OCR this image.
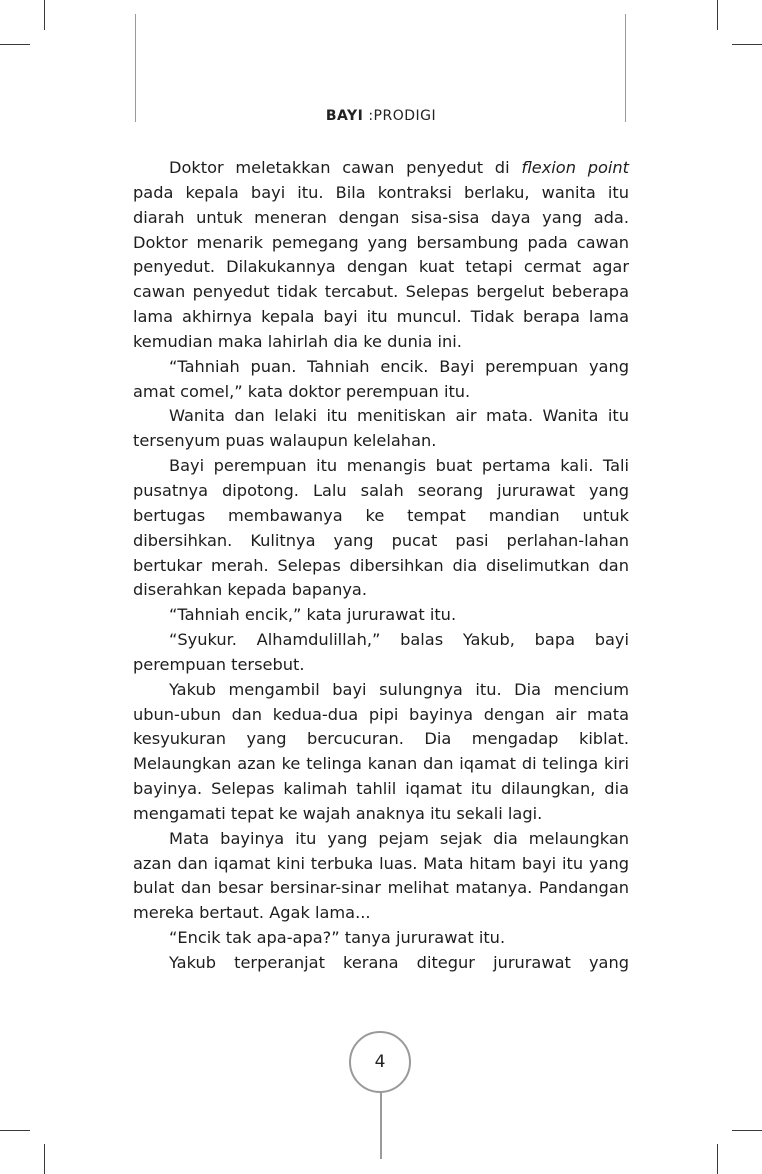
BAYI :PRODIGI

Doktor meletakkan cawan penyedut di flexion point pada kepala bayi itu. Bila kontraksi berlaku, wanita itu diarah untuk meneran dengan sisa-sisa daya yang ada. Doktor menarik pemegang yang bersambung pada cawan penyedut. Dilakukannya dengan kuat tetapi cermat agar cawan penyedut tidak tercabut. Selepas bergelut beberapa lama akhirnya kepala bayi itu muncul. Tidak berapa lama kemudian maka lahirlah dia ke dunia ini.

“Tahniah puan. Tahniah encik. Bayi perempuan yang amat comel,” kata doktor perempuan itu.

Wanita dan lelaki itu menitiskan air mata. Wanita itu tersenyum puas walaupun kelelahan.

Bayi perempuan itu menangis buat pertama kali. Tali pusatnya dipotong. Lalu salah seorang jururawat yang bertugas membawanya ke tempat mandian untuk dibersihkan. Kulitnya yang pucat pasi perlahan-lahan bertukar merah. Selepas dibersihkan dia diselimutkan dan diserahkan kepada bapanya.

“Tahniah encik,” kata jururawat itu.

“Syukur. Alhamdulillah,” balas Yakub, bapa bayi perempuan tersebut.

Yakub mengambil bayi sulungnya itu. Dia mencium ubun-ubun dan kedua-dua pipi bayinya dengan air mata kesyukuran yang bercucuran. Dia mengadap kiblat. Melaungkan azan ke telinga kanan dan iqamat di telinga kiri bayinya. Selepas kalimah tahlil iqamat itu dilaungkan, dia mengamati tepat ke wajah anaknya itu sekali lagi.

Mata bayinya itu yang pejam sejak dia melaungkan azan dan iqamat kini terbuka luas. Mata hitam bayi itu yang bulat dan besar bersinar-sinar melihat matanya. Pandangan mereka bertaut. Agak lama...

“Encik tak apa-apa?” tanya jururawat itu.

Yakub terperanjat kerana ditegur jururawat yang

4
